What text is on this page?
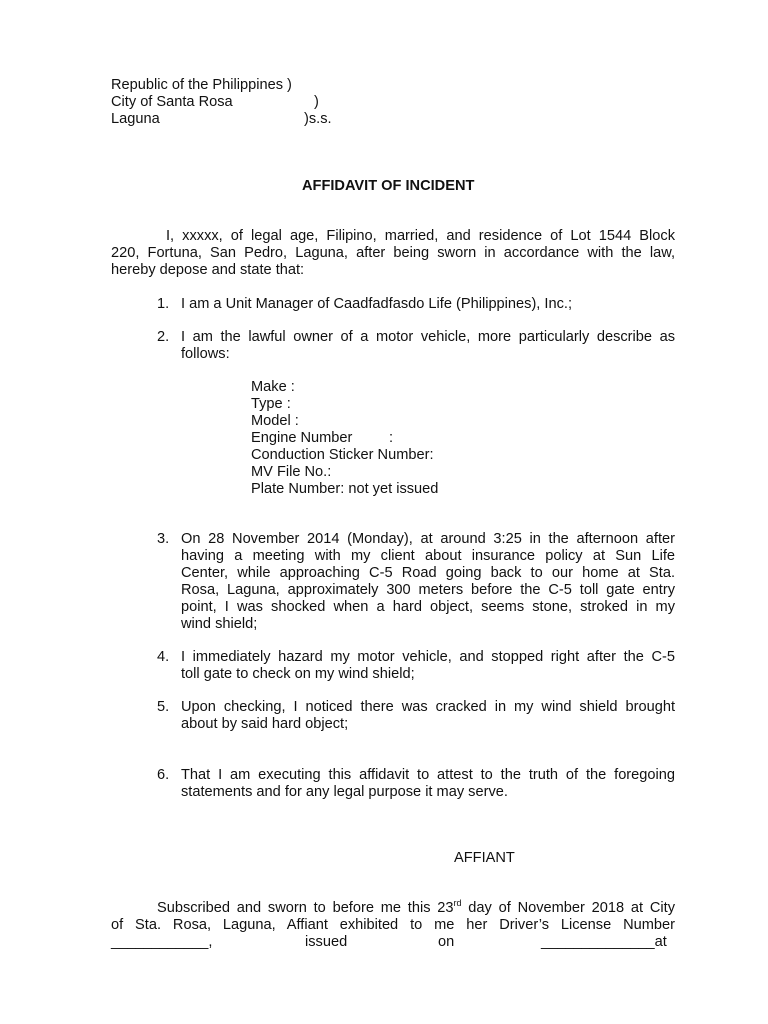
Republic of the Philippines )
City of Santa Rosa	)
Laguna	)s.s.
AFFIDAVIT OF INCIDENT
I, xxxxx, of legal age, Filipino, married, and residence of Lot 1544 Block
220, Fortuna, San Pedro, Laguna, after being sworn in accordance with the law,
hereby depose and state that:
1. I am a Unit Manager of Caadfadfasdo Life (Philippines), Inc.;
2. I am the lawful owner of a motor vehicle, more particularly describe as
follows:
Make :
Type :
Model :
Engine Number	:
Conduction Sticker Number:
MV File No.:
Plate Number: not yet issued
3. On 28 November 2014 (Monday), at around 3:25 in the afternoon after
having a meeting with my client about insurance policy at Sun Life
Center, while approaching C-5 Road going back to our home at Sta.
Rosa, Laguna, approximately 300 meters before the C-5 toll gate entry
point, I was shocked when a hard object, seems stone, stroked in my
wind shield;
4. I immediately hazard my motor vehicle, and stopped right after the C-5
toll gate to check on my wind shield;
5. Upon checking, I noticed there was cracked in my wind shield brought
about by said hard object;
6. That I am executing this affidavit to attest to the truth of the foregoing
statements and for any legal purpose it may serve.
AFFIANT
Subscribed and sworn to before me this 23rd day of November 2018 at City
of Sta. Rosa, Laguna, Affiant exhibited to me her Driver’s License Number
____________,	issued	on	______________at
